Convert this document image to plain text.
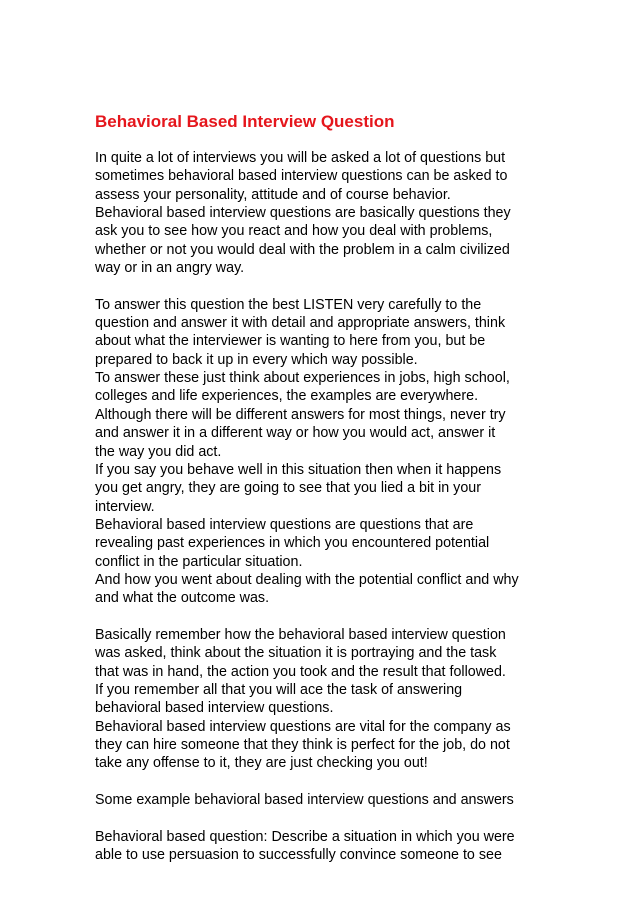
Behavioral Based Interview Question
In quite a lot of interviews you will be asked a lot of questions but
sometimes behavioral based interview questions can be asked to
assess your personality, attitude and of course behavior.
Behavioral based interview questions are basically questions they
ask you to see how you react and how you deal with problems,
whether or not you would deal with the problem in a calm civilized
way or in an angry way.
To answer this question the best LISTEN very carefully to the
question and answer it with detail and appropriate answers, think
about what the interviewer is wanting to here from you, but be
prepared to back it up in every which way possible.
To answer these just think about experiences in jobs, high school,
colleges and life experiences, the examples are everywhere.
Although there will be different answers for most things, never try
and answer it in a different way or how you would act, answer it
the way you did act.
If you say you behave well in this situation then when it happens
you get angry, they are going to see that you lied a bit in your
interview.
Behavioral based interview questions are questions that are
revealing past experiences in which you encountered potential
conflict in the particular situation.
And how you went about dealing with the potential conflict and why
and what the outcome was.
Basically remember how the behavioral based interview question
was asked, think about the situation it is portraying and the task
that was in hand, the action you took and the result that followed.
If you remember all that you will ace the task of answering
behavioral based interview questions.
Behavioral based interview questions are vital for the company as
they can hire someone that they think is perfect for the job, do not
take any offense to it, they are just checking you out!
Some example behavioral based interview questions and answers
Behavioral based question: Describe a situation in which you were
able to use persuasion to successfully convince someone to see
